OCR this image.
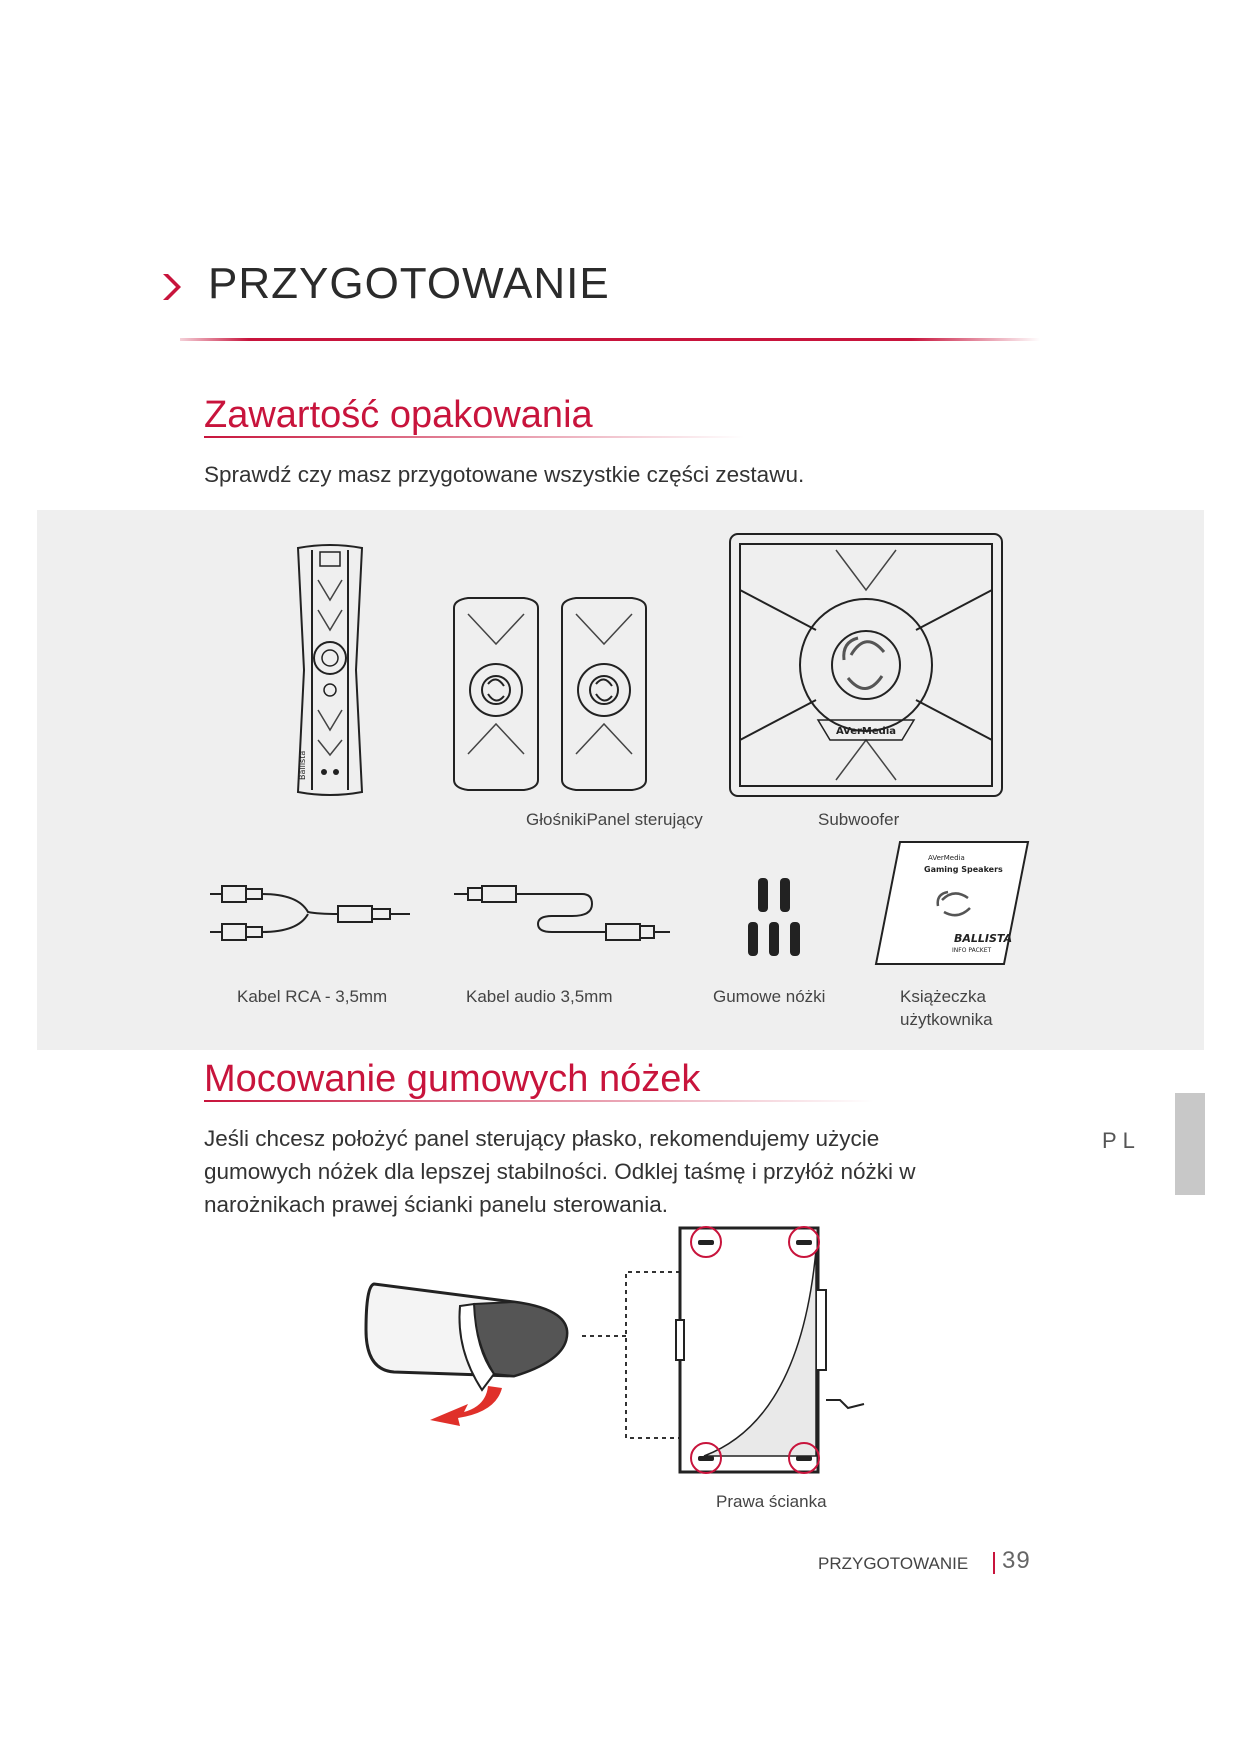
PRZYGOTOWANIE
Zawartość opakowania
Sprawdź czy masz przygotowane wszystkie części zestawu.
Ballista
AVerMedia
GłośnikiPanel sterujący	Subwoofer
AVerMedia
Gaming Speakers
BALLISTA
INFO PACKET
Kabel RCA - 3,5mm	Kabel audio 3,5mm	Gumowe nóżki	Książeczka
użytkownika
Mocowanie gumowych nóżek
Jeśli chcesz położyć panel sterujący płasko, rekomendujemy użycie
gumowych nóżek dla lepszej stabilności. Odklej taśmę i przyłóż nóżki w
narożnikach prawej ścianki panelu sterowania.
Prawa ścianka
PL
PRZYGOTOWANIE 39
